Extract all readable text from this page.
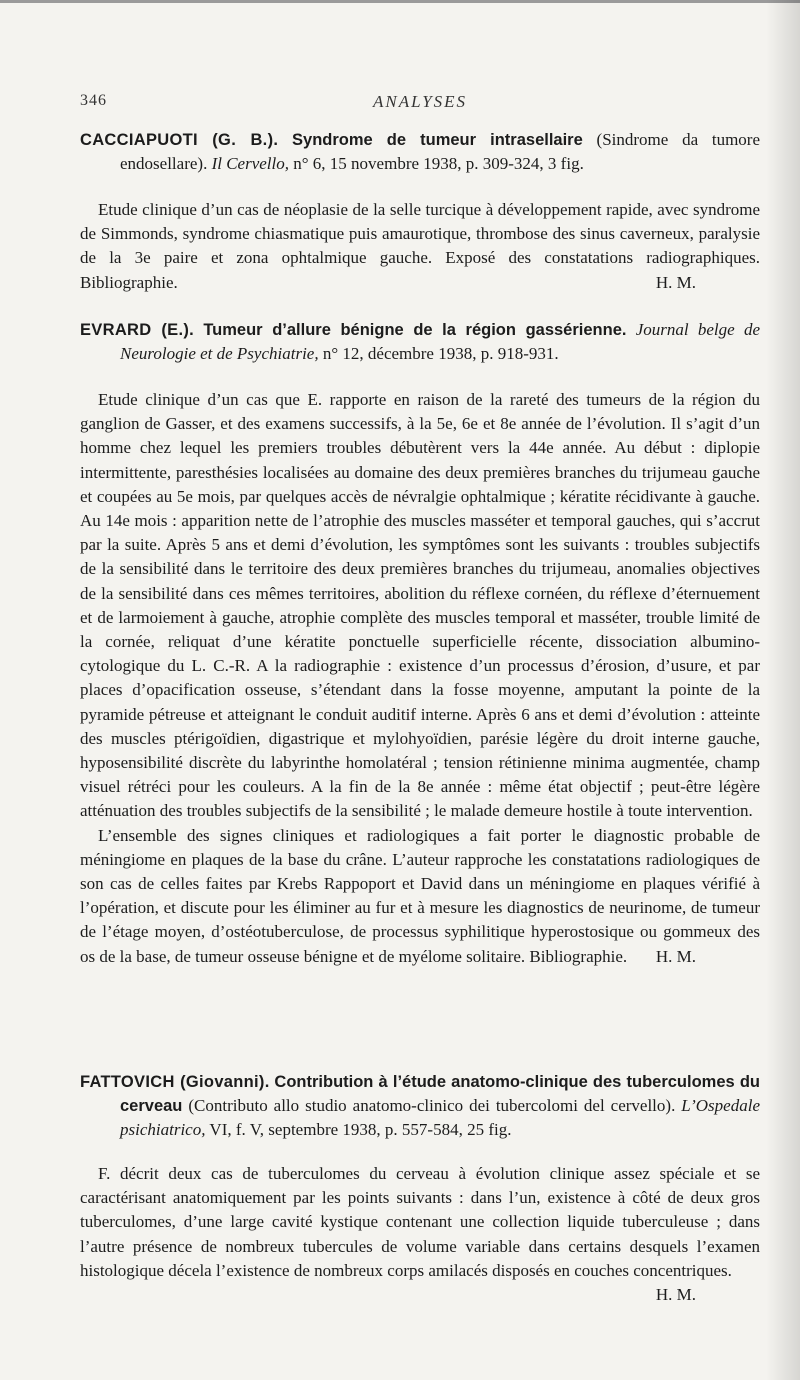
346	ANALYSES

CACCIAPUOTI (G. B.). Syndrome de tumeur intrasellaire (Sindrome da tumore endosellare). Il Cervello, n° 6, 15 novembre 1938, p. 309-324, 3 fig.

Etude clinique d’un cas de néoplasie de la selle turcique à développement rapide, avec syndrome de Simmonds, syndrome chiasmatique puis amaurotique, thrombose des sinus caverneux, paralysie de la 3e paire et zona ophtalmique gauche. Exposé des constatations radiographiques. Bibliographie.	H. M.

EVRARD (E.). Tumeur d’allure bénigne de la région gassérienne. Journal belge de Neurologie et de Psychiatrie, n° 12, décembre 1938, p. 918-931.

Etude clinique d’un cas que E. rapporte en raison de la rareté des tumeurs de la région du ganglion de Gasser, et des examens successifs, à la 5e, 6e et 8e année de l’évolution. Il s’agit d’un homme chez lequel les premiers troubles débutèrent vers la 44e année. Au début : diplopie intermittente, paresthésies localisées au domaine des deux premières branches du trijumeau gauche et coupées au 5e mois, par quelques accès de névralgie ophtalmique ; kératite récidivante à gauche. Au 14e mois : apparition nette de l’atrophie des muscles masséter et temporal gauches, qui s’accrut par la suite. Après 5 ans et demi d’évolution, les symptômes sont les suivants : troubles subjectifs de la sensibilité dans le territoire des deux premières branches du trijumeau, anomalies objectives de la sensibilité dans ces mêmes territoires, abolition du réflexe cornéen, du réflexe d’éternuement et de larmoiement à gauche, atrophie complète des muscles temporal et masséter, trouble limité de la cornée, reliquat d’une kératite ponctuelle superficielle récente, dissociation albumino-cytologique du L. C.-R. A la radiographie : existence d’un processus d’érosion, d’usure, et par places d’opacification osseuse, s’étendant dans la fosse moyenne, amputant la pointe de la pyramide pétreuse et atteignant le conduit auditif interne. Après 6 ans et demi d’évolution : atteinte des muscles ptérigoïdien, digastrique et mylohyoïdien, parésie légère du droit interne gauche, hyposensibilité discrète du labyrinthe homolatéral ; tension rétinienne minima augmentée, champ visuel rétréci pour les couleurs. A la fin de la 8e année : même état objectif ; peut-être légère atténuation des troubles subjectifs de la sensibilité ; le malade demeure hostile à toute intervention.

L’ensemble des signes cliniques et radiologiques a fait porter le diagnostic probable de méningiome en plaques de la base du crâne. L’auteur rapproche les constatations radiologiques de son cas de celles faites par Krebs Rappoport et David dans un méningiome en plaques vérifié à l’opération, et discute pour les éliminer au fur et à mesure les diagnostics de neurinome, de tumeur de l’étage moyen, d’ostéotuberculose, de processus syphilitique hyperostosique ou gommeux des os de la base, de tumeur osseuse bénigne et de myélome solitaire. Bibliographie.	H. M.

FATTOVICH (Giovanni). Contribution à l’étude anatomo-clinique des tuberculomes du cerveau (Contributo allo studio anatomo-clinico dei tubercolomi del cervello). L’Ospedale psichiatrico, VI, f. V, septembre 1938, p. 557-584, 25 fig.

F. décrit deux cas de tuberculomes du cerveau à évolution clinique assez spéciale et se caractérisant anatomiquement par les points suivants : dans l’un, existence à côté de deux gros tuberculomes, d’une large cavité kystique contenant une collection liquide tuberculeuse ; dans l’autre présence de nombreux tubercules de volume variable dans certains desquels l’examen histologique décela l’existence de nombreux corps amilacés disposés en couches concentriques.
H. M.
